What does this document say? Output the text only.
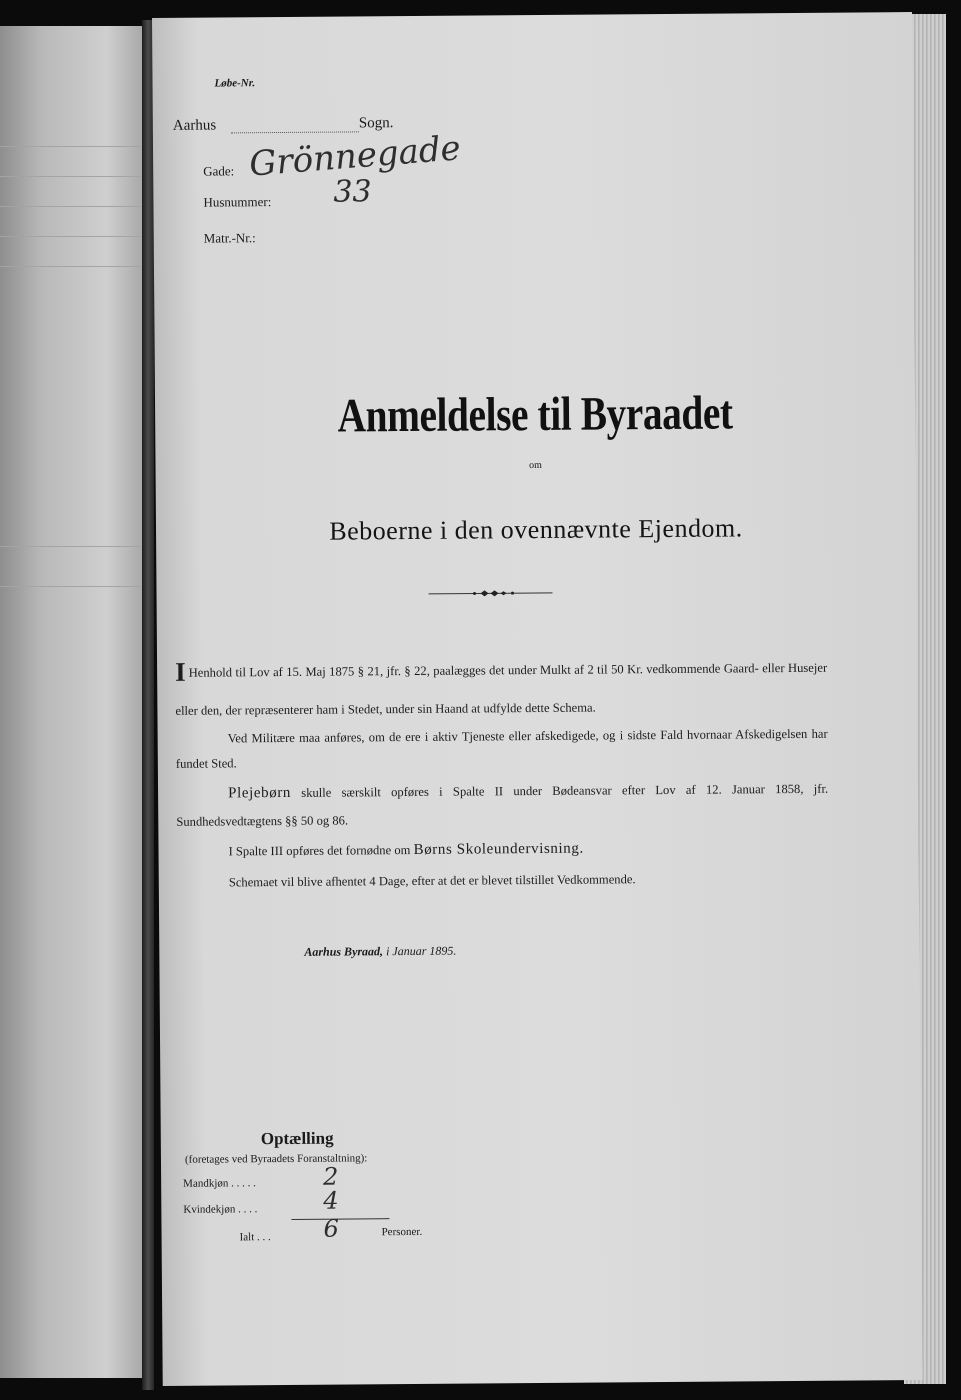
Løbe-Nr.
Aarhus	Sogn.
Gade: Grönnegade
Husnummer: 33
Matr.-Nr.:
Anmeldelse til Byraadet
om
Beboerne i den ovennævnte Ejendom.

I Henhold til Lov af 15. Maj 1875 § 21, jfr. § 22, paalægges det under Mulkt af 2 til 50 Kr. vedkommende Gaard- eller Husejer eller den, der repræsenterer ham i Stedet, under sin Haand at udfylde dette Schema.

Ved Militære maa anføres, om de ere i aktiv Tjeneste eller afskedigede, og i sidste Fald hvornaar Afskedigelsen har fundet Sted.

Plejebørn skulle særskilt opføres i Spalte II under Bødeansvar efter Lov af 12. Januar 1858, jfr. Sundhedsvedtægtens §§ 50 og 86.

I Spalte III opføres det fornødne om Børns Skoleundervisning.

Schemaet vil blive afhentet 4 Dage, efter at det er blevet tilstillet Vedkommende.

Aarhus Byraad, i Januar 1895.
Optælling
(foretages ved Byraadets Foranstaltning):
Mandkjøn . . . . .	2
Kvindekjøn . . . .	4
Ialt . . . 6	Personer.
